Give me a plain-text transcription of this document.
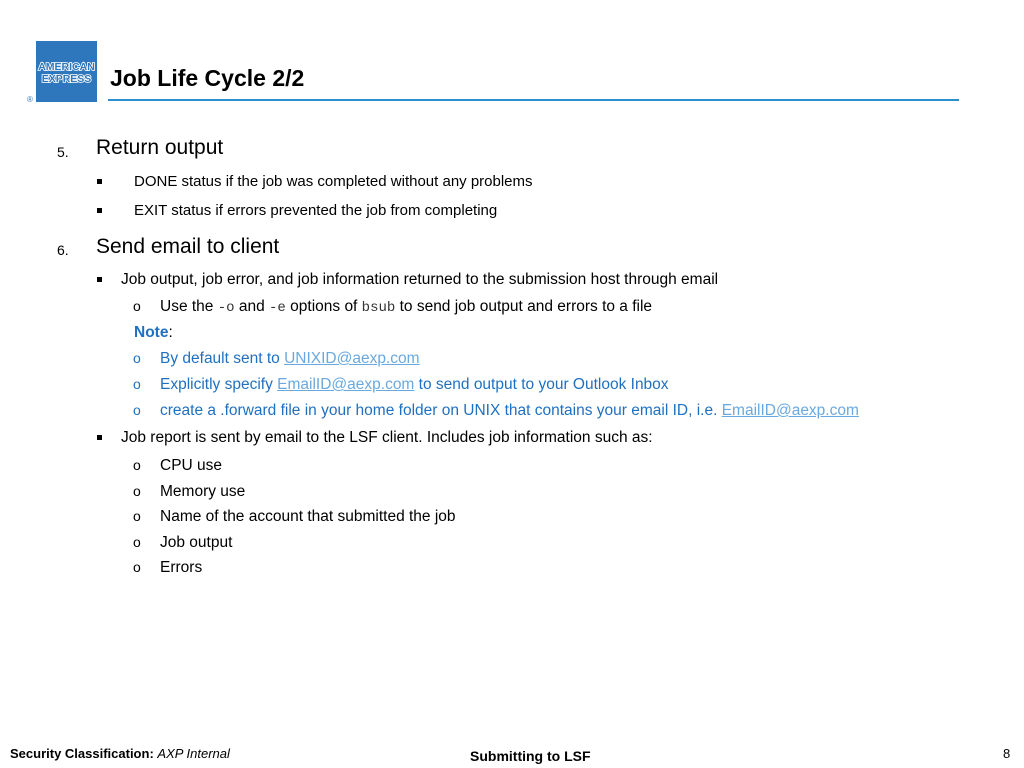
AMERICAN
EXPRESS
®
Job Life Cycle 2/2
5. Return output
DONE status if the job was completed without any problems
EXIT status if errors prevented the job from completing
6. Send email to client
Job output, job error, and job information returned to the submission host through email
o Use the -o and -e options of bsub to send job output and errors to a file
Note:
o By default sent to UNIXID@aexp.com
o Explicitly specify EmailID@aexp.com to send output to your Outlook Inbox
o create a .forward file in your home folder on UNIX that contains your email ID, i.e. EmailID@aexp.com
Job report is sent by email to the LSF client. Includes job information such as:
o CPU use
o Memory use
o Name of the account that submitted the job
o Job output
o Errors
Security Classification: AXP Internal	Submitting to LSF	8
